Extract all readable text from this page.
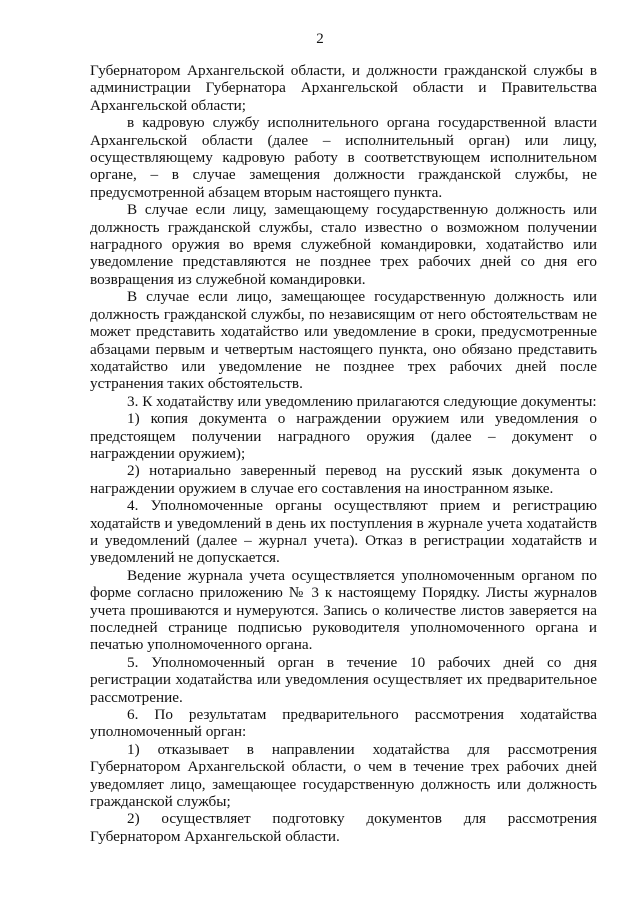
2

Губернатором Архангельской области, и должности гражданской службы в администрации Губернатора Архангельской области и Правительства Архангельской области;

в кадровую службу исполнительного органа государственной власти Архангельской области (далее – исполнительный орган) или лицу, осуществляющему кадровую работу в соответствующем исполнительном органе, – в случае замещения должности гражданской службы, не предусмотренной абзацем вторым настоящего пункта.

В случае если лицу, замещающему государственную должность или должность гражданской службы, стало известно о возможном получении наградного оружия во время служебной командировки, ходатайство или уведомление представляются не позднее трех рабочих дней со дня его возвращения из служебной командировки.

В случае если лицо, замещающее государственную должность или должность гражданской службы, по независящим от него обстоятельствам не может представить ходатайство или уведомление в сроки, предусмотренные абзацами первым и четвертым настоящего пункта, оно обязано представить ходатайство или уведомление не позднее трех рабочих дней после устранения таких обстоятельств.

3. К ходатайству или уведомлению прилагаются следующие документы:

1) копия документа о награждении оружием или уведомления о предстоящем получении наградного оружия (далее – документ о награждении оружием);

2) нотариально заверенный перевод на русский язык документа о награждении оружием в случае его составления на иностранном языке.

4. Уполномоченные органы осуществляют прием и регистрацию ходатайств и уведомлений в день их поступления в журнале учета ходатайств и уведомлений (далее – журнал учета). Отказ в регистрации ходатайств и уведомлений не допускается.

Ведение журнала учета осуществляется уполномоченным органом по форме согласно приложению № 3 к настоящему Порядку. Листы журналов учета прошиваются и нумеруются. Запись о количестве листов заверяется на последней странице подписью руководителя уполномоченного органа и печатью уполномоченного органа.

5. Уполномоченный орган в течение 10 рабочих дней со дня регистрации ходатайства или уведомления осуществляет их предварительное рассмотрение.

6. По результатам предварительного рассмотрения ходатайства уполномоченный орган:

1) отказывает в направлении ходатайства для рассмотрения Губернатором Архангельской области, о чем в течение трех рабочих дней уведомляет лицо, замещающее государственную должность или должность гражданской службы;

2) осуществляет подготовку документов для рассмотрения Губернатором Архангельской области.
